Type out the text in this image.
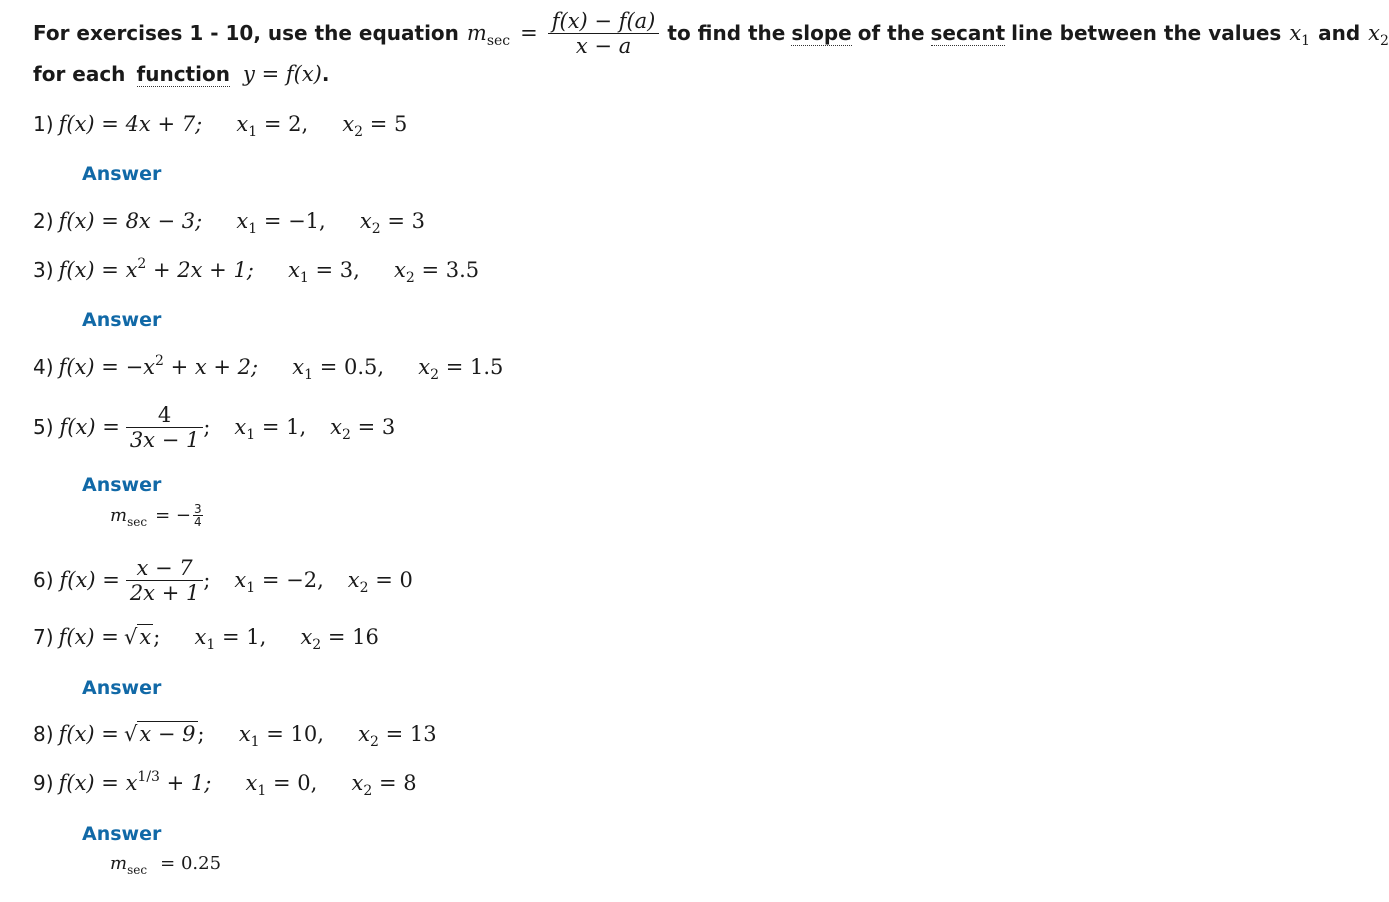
For exercises 1 - 10, use the equation $m_{sec} = \frac{f(x) - f(a)}{x - a}$ to find the slope of the secant line between the values $x_1$ and $x_2$
for each function y = f(x).
1) f(x) = 4x + 7; $x_1 = 2$, $x_2 = 5$
Answer
2) f(x) = 8x − 3; $x_1 = -1$, $x_2 = 3$
3) $f(x) = x^2 + 2x + 1$; $x_1 = 3$, $x_2 = 3.5$
Answer
4) $f(x) = -x^2 + x + 2$; $x_1 = 0.5$, $x_2 = 1.5$
5) $f(x) = \frac{4}{3x - 1}$ ; $x_1 = 1$, $x_2 = 3$
Answer
$m_{sec}$ = − $\frac{3}{4}$
6) $f(x) = \frac{x - 7}{2x + 1}$ ; $x_1 = -2$, $x_2 = 0$
7) f(x) = √x; $x_1 = 1$, $x_2 = 16$
Answer
8) f(x) = √x − 9; $x_1 = 10$, $x_2 = 13$
9) $f(x) = x^{1/3} + 1$; $x_1 = 0$, $x_2 = 8$
Answer
$m_{sec} = 0.25$
